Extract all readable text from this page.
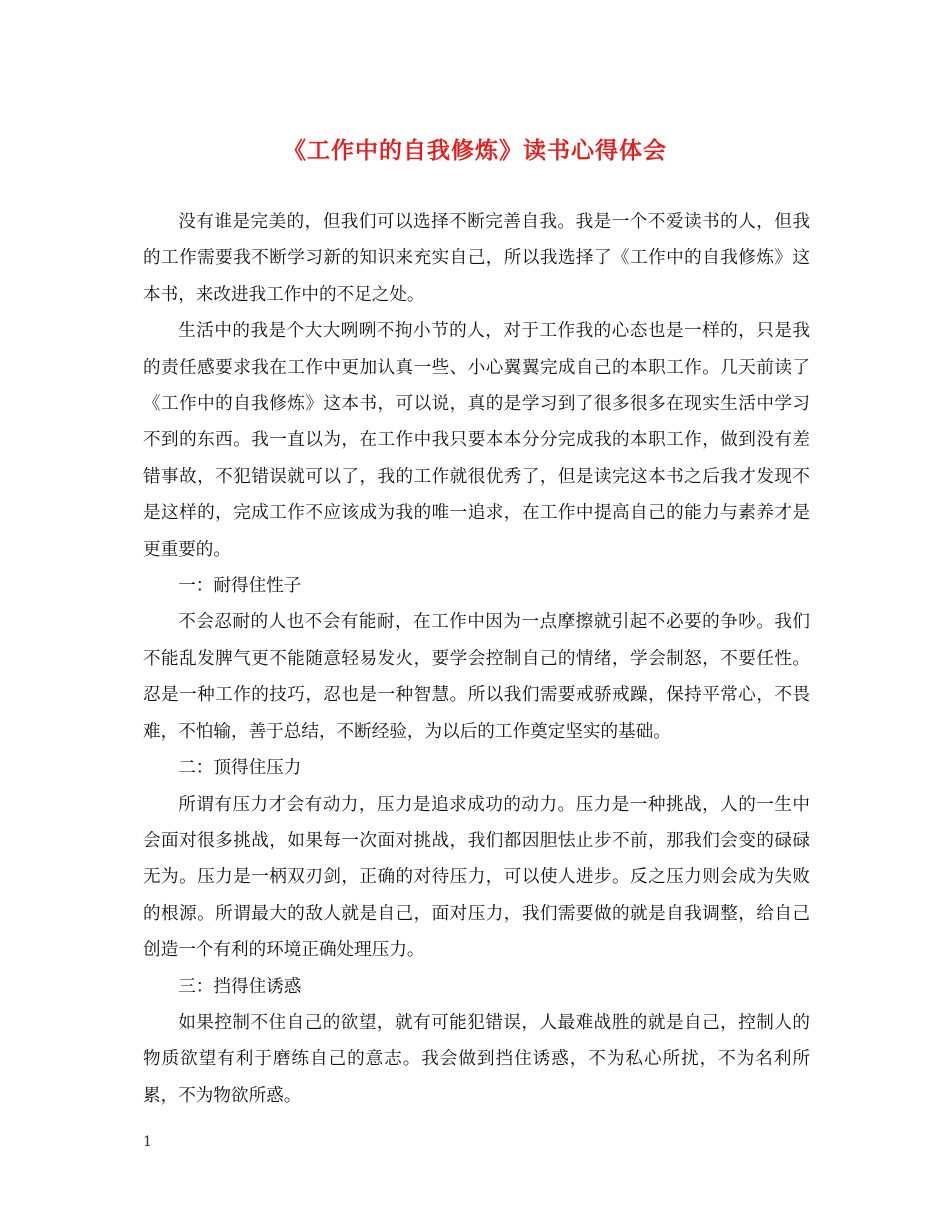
《工作中的自我修炼》读书心得体会

没有谁是完美的，但我们可以选择不断完善自我。我是一个不爱读书的人，但我的工作需要我不断学习新的知识来充实自己，所以我选择了《工作中的自我修炼》这本书，来改进我工作中的不足之处。

生活中的我是个大大咧咧不拘小节的人，对于工作我的心态也是一样的，只是我的责任感要求我在工作中更加认真一些、小心翼翼完成自己的本职工作。几天前读了《工作中的自我修炼》这本书，可以说，真的是学习到了很多很多在现实生活中学习不到的东西。我一直以为，在工作中我只要本本分分完成我的本职工作，做到没有差错事故，不犯错误就可以了，我的工作就很优秀了，但是读完这本书之后我才发现不是这样的，完成工作不应该成为我的唯一追求，在工作中提高自己的能力与素养才是更重要的。

一：耐得住性子

不会忍耐的人也不会有能耐，在工作中因为一点摩擦就引起不必要的争吵。我们不能乱发脾气更不能随意轻易发火，要学会控制自己的情绪，学会制怒，不要任性。忍是一种工作的技巧，忍也是一种智慧。所以我们需要戒骄戒躁，保持平常心，不畏难，不怕输，善于总结，不断经验，为以后的工作奠定坚实的基础。

二：顶得住压力

所谓有压力才会有动力，压力是追求成功的动力。压力是一种挑战，人的一生中会面对很多挑战，如果每一次面对挑战，我们都因胆怯止步不前，那我们会变的碌碌无为。压力是一柄双刃剑，正确的对待压力，可以使人进步。反之压力则会成为失败的根源。所谓最大的敌人就是自己，面对压力，我们需要做的就是自我调整，给自己创造一个有利的环境正确处理压力。

三：挡得住诱惑

如果控制不住自己的欲望，就有可能犯错误，人最难战胜的就是自己，控制人的物质欲望有利于磨练自己的意志。我会做到挡住诱惑，不为私心所扰，不为名利所累，不为物欲所惑。

1
